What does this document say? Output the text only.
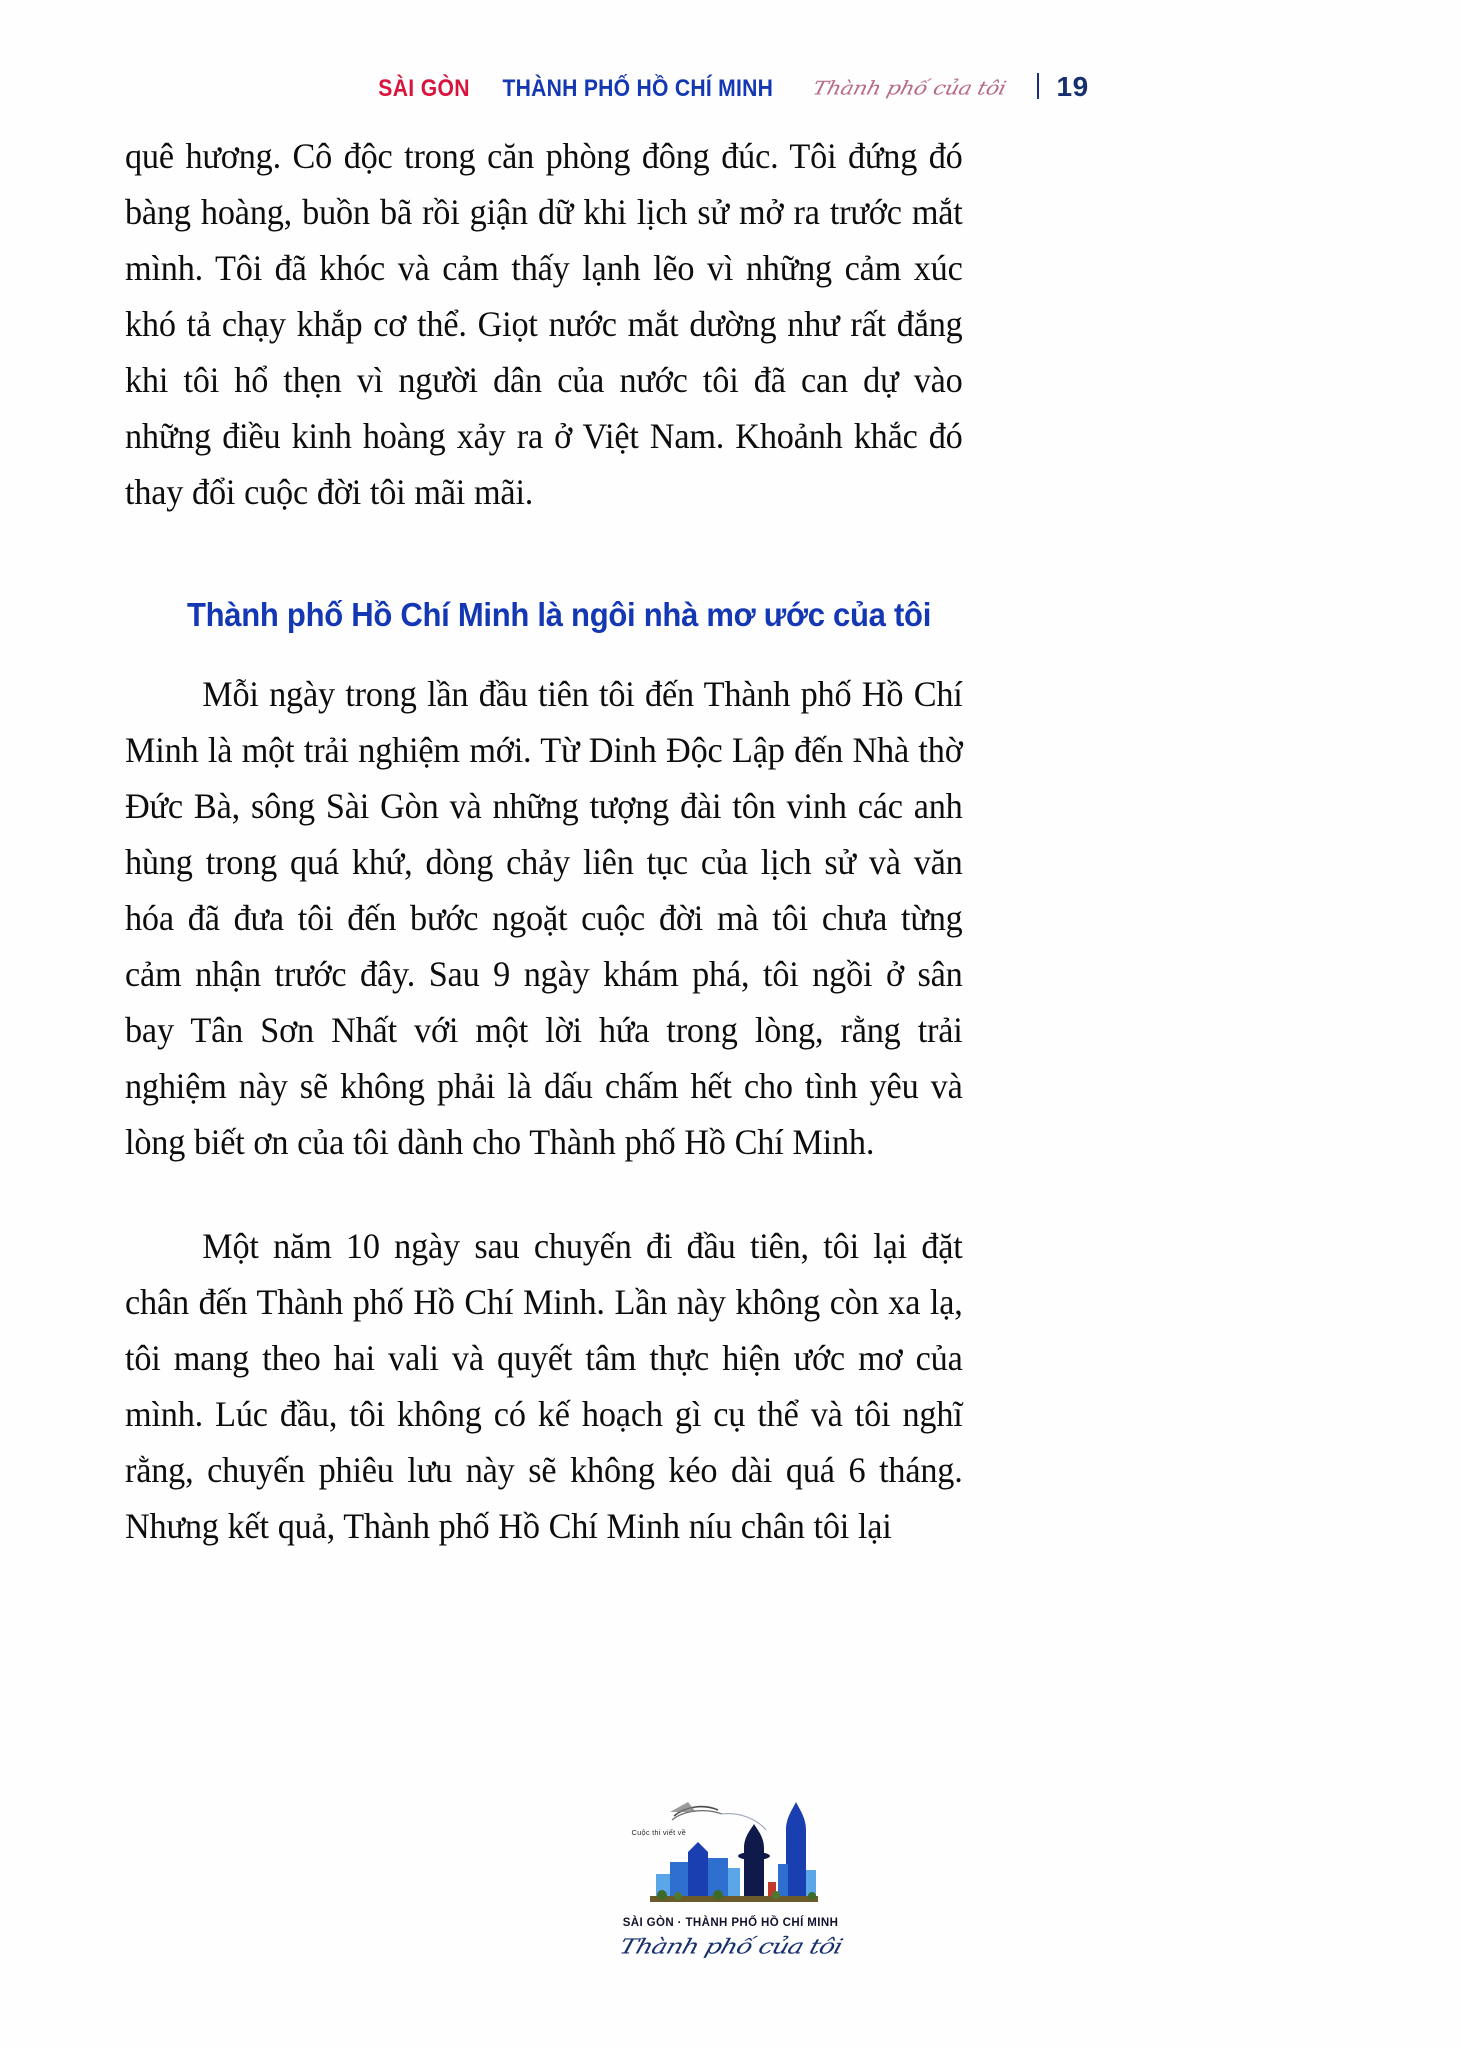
SÀI GÒN THÀNH PHỐ HỒ CHÍ MINH Thành phố của tôi 19

quê hương. Cô độc trong căn phòng đông đúc. Tôi đứng đó bàng hoàng, buồn bã rồi giận dữ khi lịch sử mở ra trước mắt mình. Tôi đã khóc và cảm thấy lạnh lẽo vì những cảm xúc khó tả chạy khắp cơ thể. Giọt nước mắt dường như rất đắng khi tôi hổ thẹn vì người dân của nước tôi đã can dự vào những điều kinh hoàng xảy ra ở Việt Nam. Khoảnh khắc đó thay đổi cuộc đời tôi mãi mãi.

Thành phố Hồ Chí Minh là ngôi nhà mơ ước của tôi

Mỗi ngày trong lần đầu tiên tôi đến Thành phố Hồ Chí Minh là một trải nghiệm mới. Từ Dinh Độc Lập đến Nhà thờ Đức Bà, sông Sài Gòn và những tượng đài tôn vinh các anh hùng trong quá khứ, dòng chảy liên tục của lịch sử và văn hóa đã đưa tôi đến bước ngoặt cuộc đời mà tôi chưa từng cảm nhận trước đây. Sau 9 ngày khám phá, tôi ngồi ở sân bay Tân Sơn Nhất với một lời hứa trong lòng, rằng trải nghiệm này sẽ không phải là dấu chấm hết cho tình yêu và lòng biết ơn của tôi dành cho Thành phố Hồ Chí Minh.

Một năm 10 ngày sau chuyến đi đầu tiên, tôi lại đặt chân đến Thành phố Hồ Chí Minh. Lần này không còn xa lạ, tôi mang theo hai vali và quyết tâm thực hiện ước mơ của mình. Lúc đầu, tôi không có kế hoạch gì cụ thể và tôi nghĩ rằng, chuyến phiêu lưu này sẽ không kéo dài quá 6 tháng. Nhưng kết quả, Thành phố Hồ Chí Minh níu chân tôi lại

Cuộc thi viết về
SÀI GÒN · THÀNH PHỐ HỒ CHÍ MINH
Thành phố của tôi
